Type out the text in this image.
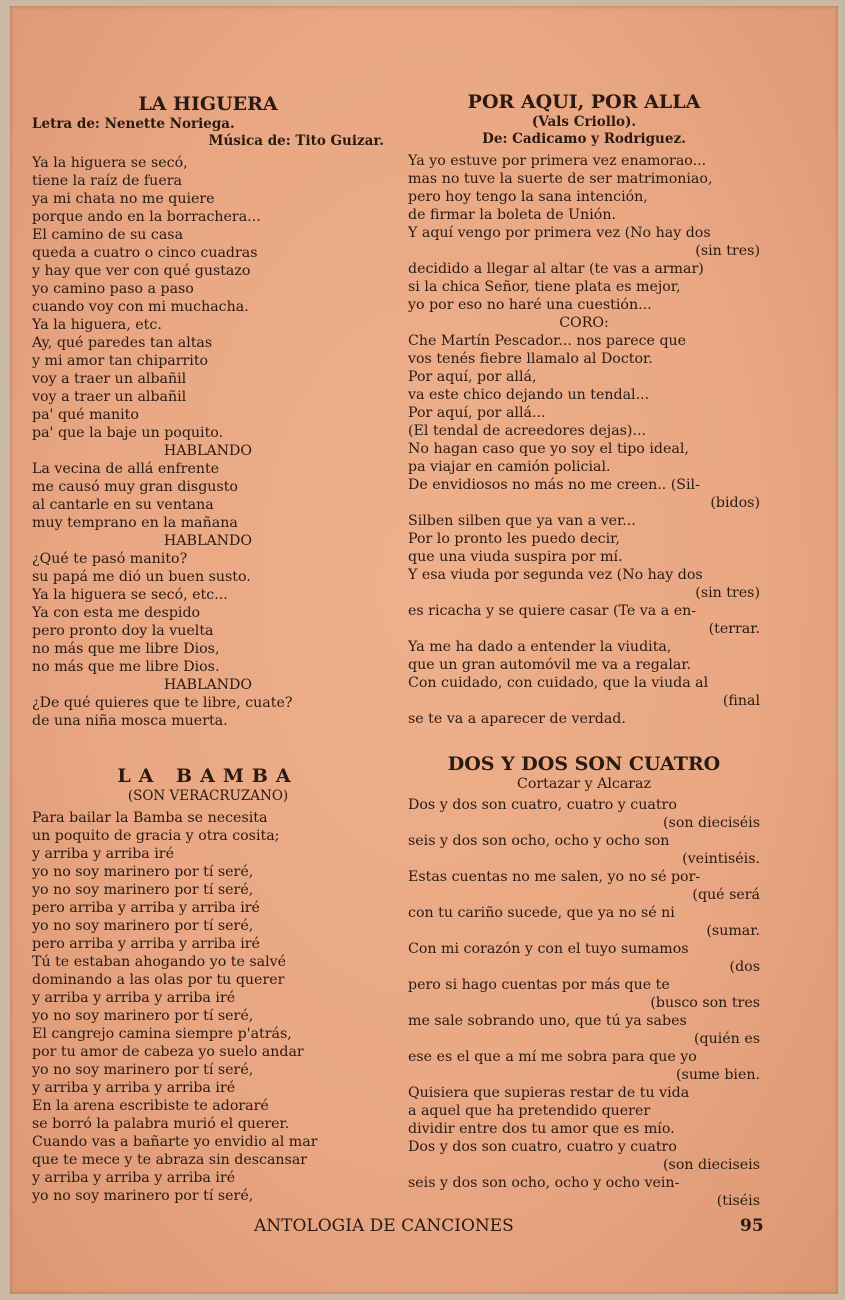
LA HIGUERA
Letra de: Nenette Noriega.
Música de: Tito Guizar.
Ya la higuera se secó,
tiene la raíz de fuera
ya mi chata no me quiere
porque ando en la borrachera...
El camino de su casa
queda a cuatro o cinco cuadras
y hay que ver con qué gustazo
yo camino paso a paso
cuando voy con mi muchacha.
Ya la higuera, etc.
Ay, qué paredes tan altas
y mi amor tan chiparrito
voy a traer un albañil
voy a traer un albañil
pa' qué manito
pa' que la baje un poquito.
HABLANDO
La vecina de allá enfrente
me causó muy gran disgusto
al cantarle en su ventana
muy temprano en la mañana
HABLANDO
¿Qué te pasó manito?
su papá me dió un buen susto.
Ya la higuera se secó, etc...
Ya con esta me despido
pero pronto doy la vuelta
no más que me libre Dios,
no más que me libre Dios.
HABLANDO
¿De qué quieres que te libre, cuate?
de una niña mosca muerta.
LA BAMBA
(SON VERACRUZANO)
Para bailar la Bamba se necesita
un poquito de gracia y otra cosita;
y arriba y arriba iré
yo no soy marinero por tí seré,
yo no soy marinero por tí seré,
pero arriba y arriba y arriba iré
yo no soy marinero por tí seré,
pero arriba y arriba y arriba iré
Tú te estaban ahogando yo te salvé
dominando a las olas por tu querer
y arriba y arriba y arriba iré
yo no soy marinero por tí seré,
El cangrejo camina siempre p'atrás,
por tu amor de cabeza yo suelo andar
yo no soy marinero por tí seré,
y arriba y arriba y arriba iré
En la arena escribiste te adoraré
se borró la palabra murió el querer.
Cuando vas a bañarte yo envidio al mar
que te mece y te abraza sin descansar
y arriba y arriba y arriba iré
yo no soy marinero por tí seré,
POR AQUI, POR ALLA
(Vals Criollo).
De: Cadicamo y Rodriguez.
Ya yo estuve por primera vez enamorao...
mas no tuve la suerte de ser matrimoniao,
pero hoy tengo la sana intención,
de firmar la boleta de Unión.
Y aquí vengo por primera vez (No hay dos
(sin tres)
decidido a llegar al altar (te vas a armar)
si la chica Señor, tiene plata es mejor,
yo por eso no haré una cuestión...
CORO:
Che Martín Pescador... nos parece que
vos tenés fiebre llamalo al Doctor.
Por aquí, por allá,
va este chico dejando un tendal...
Por aquí, por allá...
(El tendal de acreedores dejas)...
No hagan caso que yo soy el tipo ideal,
pa viajar en camión policial.
De envidiosos no más no me creen.. (Sil-
(bidos)
Silben silben que ya van a ver...
Por lo pronto les puedo decir,
que una viuda suspira por mí.
Y esa viuda por segunda vez (No hay dos
(sin tres)
es ricacha y se quiere casar (Te va a en-
(terrar.
Ya me ha dado a entender la viudita,
que un gran automóvil me va a regalar.
Con cuidado, con cuidado, que la viuda al
(final
se te va a aparecer de verdad.
DOS Y DOS SON CUATRO
Cortazar y Alcaraz
Dos y dos son cuatro, cuatro y cuatro
(son dieciséis
seis y dos son ocho, ocho y ocho son
(veintiséis.
Estas cuentas no me salen, yo no sé por-
(qué será
con tu cariño sucede, que ya no sé ni
(sumar.
Con mi corazón y con el tuyo sumamos
(dos
pero si hago cuentas por más que te
(busco son tres
me sale sobrando uno, que tú ya sabes
(quién es
ese es el que a mí me sobra para que yo
(sume bien.
Quisiera que supieras restar de tu vida
a aquel que ha pretendido querer
dividir entre dos tu amor que es mío.
Dos y dos son cuatro, cuatro y cuatro
(son dieciseis
seis y dos son ocho, ocho y ocho vein-
(tiséis
ANTOLOGIA DE CANCIONES	95
